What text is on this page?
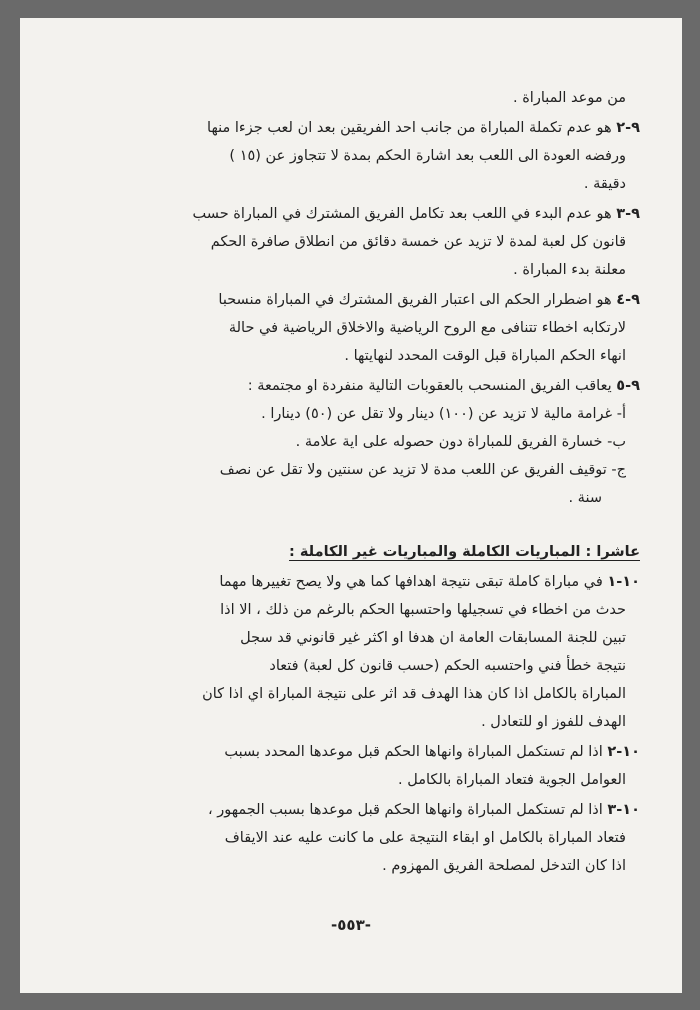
من موعد المباراة .
٩-٢ هو عدم تكملة المباراة من جانب احد الفريقين بعد ان لعب جزءا منها
ورفضه العودة الى اللعب بعد اشارة الحكم بمدة لا تتجاوز عن (١٥ )
دقيقة .
٩-٣ هو عدم البدء في اللعب بعد تكامل الفريق المشترك في المباراة حسب
قانون كل لعبة لمدة لا تزيد عن خمسة دقائق من انطلاق صافرة الحكم
معلنة بدء المباراة .
٩-٤ هو اضطرار الحكم الى اعتبار الفريق المشترك في المباراة منسحبا
لارتكابه اخطاء تتنافى مع الروح الرياضية والاخلاق الرياضية في حالة
انهاء الحكم المباراة قبل الوقت المحدد لنهايتها .
٩-٥ يعاقب الفريق المنسحب بالعقوبات التالية منفردة او مجتمعة :
أ- غرامة مالية لا تزيد عن (١٠٠) دينار ولا تقل عن (٥٠) دينارا .
ب- خسارة الفريق للمباراة دون حصوله على اية علامة .
ج- توقيف الفريق عن اللعب مدة لا تزيد عن سنتين ولا تقل عن نصف
سنة .
عاشرا : المباريات الكاملة والمباريات غير الكاملة :
١٠-١ في مباراة كاملة تبقى نتيجة اهدافها كما هي ولا يصح تغييرها مهما
حدث من اخطاء في تسجيلها واحتسبها الحكم بالرغم من ذلك ، الا اذا
تبين للجنة المسابقات العامة ان هدفا او اكثر غير قانوني قد سجل
نتيجة خطأ فني واحتسبه الحكم (حسب قانون كل لعبة) فتعاد
المباراة بالكامل اذا كان هذا الهدف قد اثر على نتيجة المباراة اي اذا كان
الهدف للفوز او للتعادل .
١٠-٢ اذا لم تستكمل المباراة وانهاها الحكم قبل موعدها المحدد بسبب
العوامل الجوية فتعاد المباراة بالكامل .
١٠-٣ اذا لم تستكمل المباراة وانهاها الحكم قبل موعدها بسبب الجمهور ،
فتعاد المباراة بالكامل او ابقاء النتيجة على ما كانت عليه عند الايقاف
اذا كان التدخل لمصلحة الفريق المهزوم .
-٥٥٣-
